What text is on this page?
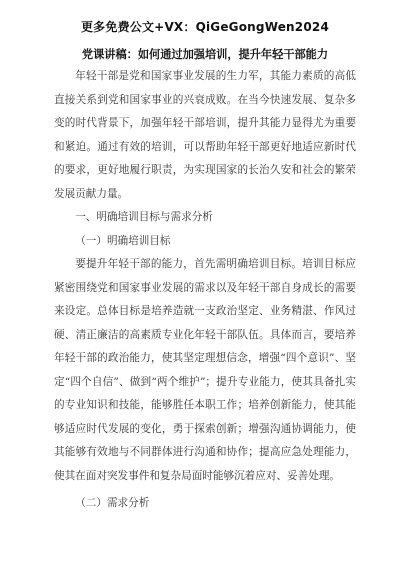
更多免费公文+VX：QiGeGongWen2024
党课讲稿：如何通过加强培训，提升年轻干部能力

年轻干部是党和国家事业发展的生力军，其能力素质的高低直接关系到党和国家事业的兴衰成败。在当今快速发展、复杂多变的时代背景下，加强年轻干部培训，提升其能力显得尤为重要和紧迫。通过有效的培训，可以帮助年轻干部更好地适应新时代的要求，更好地履行职责，为实现国家的长治久安和社会的繁荣发展贡献力量。

一、明确培训目标与需求分析

（一）明确培训目标

要提升年轻干部的能力，首先需明确培训目标。培训目标应紧密围绕党和国家事业发展的需求以及年轻干部自身成长的需要来设定。总体目标是培养造就一支政治坚定、业务精湛、作风过硬、清正廉洁的高素质专业化年轻干部队伍。具体而言，要培养年轻干部的政治能力，使其坚定理想信念，增强“四个意识”、坚定“四个自信”、做到“两个维护”；提升专业能力，使其具备扎实的专业知识和技能，能够胜任本职工作；培养创新能力，使其能够适应时代发展的变化，勇于探索创新；增强沟通协调能力，使其能够有效地与不同群体进行沟通和协作；提高应急处理能力，使其在面对突发事件和复杂局面时能够沉着应对、妥善处理。

（二）需求分析
